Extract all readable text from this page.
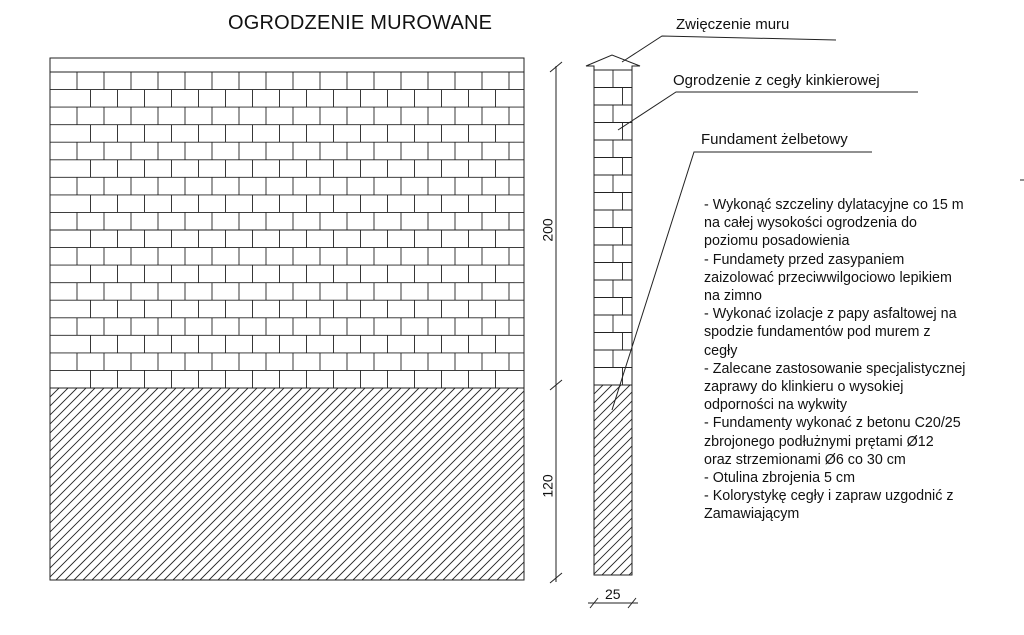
OGRODZENIE MUROWANE	Zwięczenie muru
Ogrodzenie z cegły kinkierowej
Fundament żelbetowy
- Wykonąć szczeliny dylatacyjne co 15 m
na całej wysokości ogrodzenia do
poziomu posadowienia
- Fundamety przed zasypaniem
zaizolować przeciwwilgociowo lepikiem
na zimno
- Wykonać izolacje z papy asfaltowej na
spodzie fundamentów pod murem z
cegły
- Zalecane zastosowanie specjalistycznej
zaprawy do klinkieru o wysokiej
odporności na wykwity
- Fundamenty wykonać z betonu C20/25
zbrojonego podłużnymi prętami Ø12
oraz strzemionami Ø6 co 30 cm
- Otulina zbrojenia 5 cm
- Kolorystykę cegły i zapraw uzgodnić z
Zamawiającym
200
120
25
